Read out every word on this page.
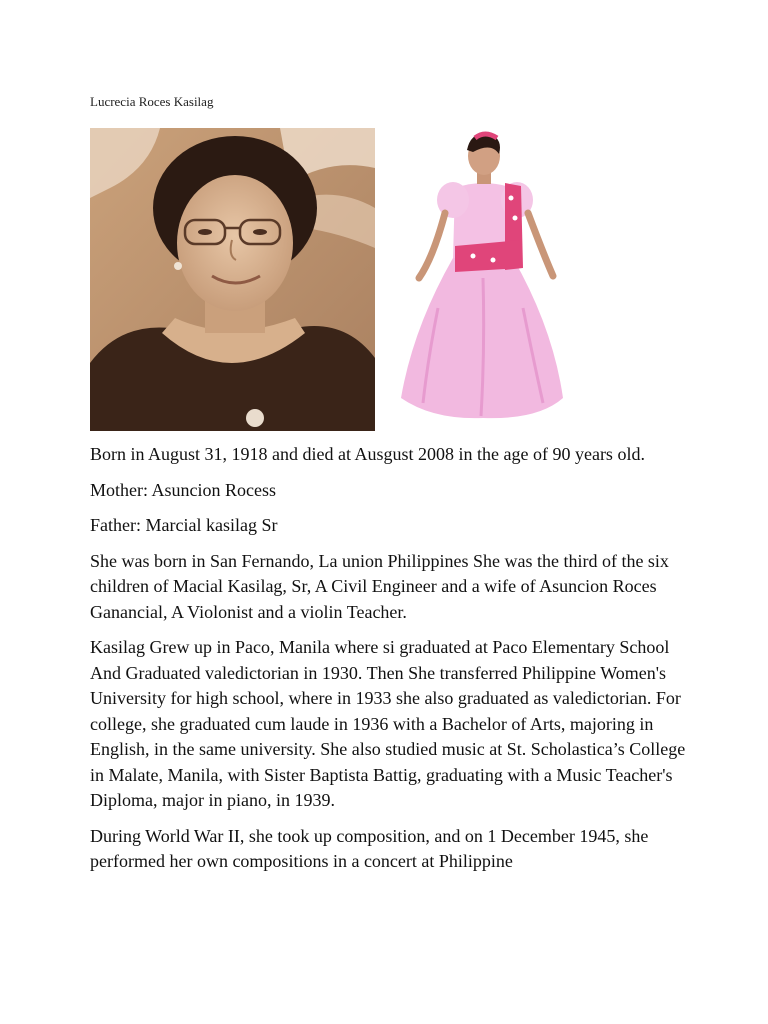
Lucrecia Roces Kasilag

Born in August 31, 1918 and died at Ausgust 2008 in the age of 90 years old.

Mother: Asuncion Rocess

Father: Marcial kasilag Sr

She was born in San Fernando, La union Philippines She was the third of the six children of Macial Kasilag, Sr, A Civil Engineer and a wife of Asuncion Roces Ganancial, A Violonist and a violin Teacher.

Kasilag Grew up in Paco, Manila where si graduated at Paco Elementary School And Graduated valedictorian in 1930. Then She transferred Philippine Women's University for high school, where in 1933 she also graduated as valedictorian. For college, she graduated cum laude in 1936 with a Bachelor of Arts, majoring in English, in the same university. She also studied music at St. Scholastica’s College in Malate, Manila, with Sister Baptista Battig, graduating with a Music Teacher's Diploma, major in piano, in 1939.

During World War II, she took up composition, and on 1 December 1945, she performed her own compositions in a concert at Philippine
